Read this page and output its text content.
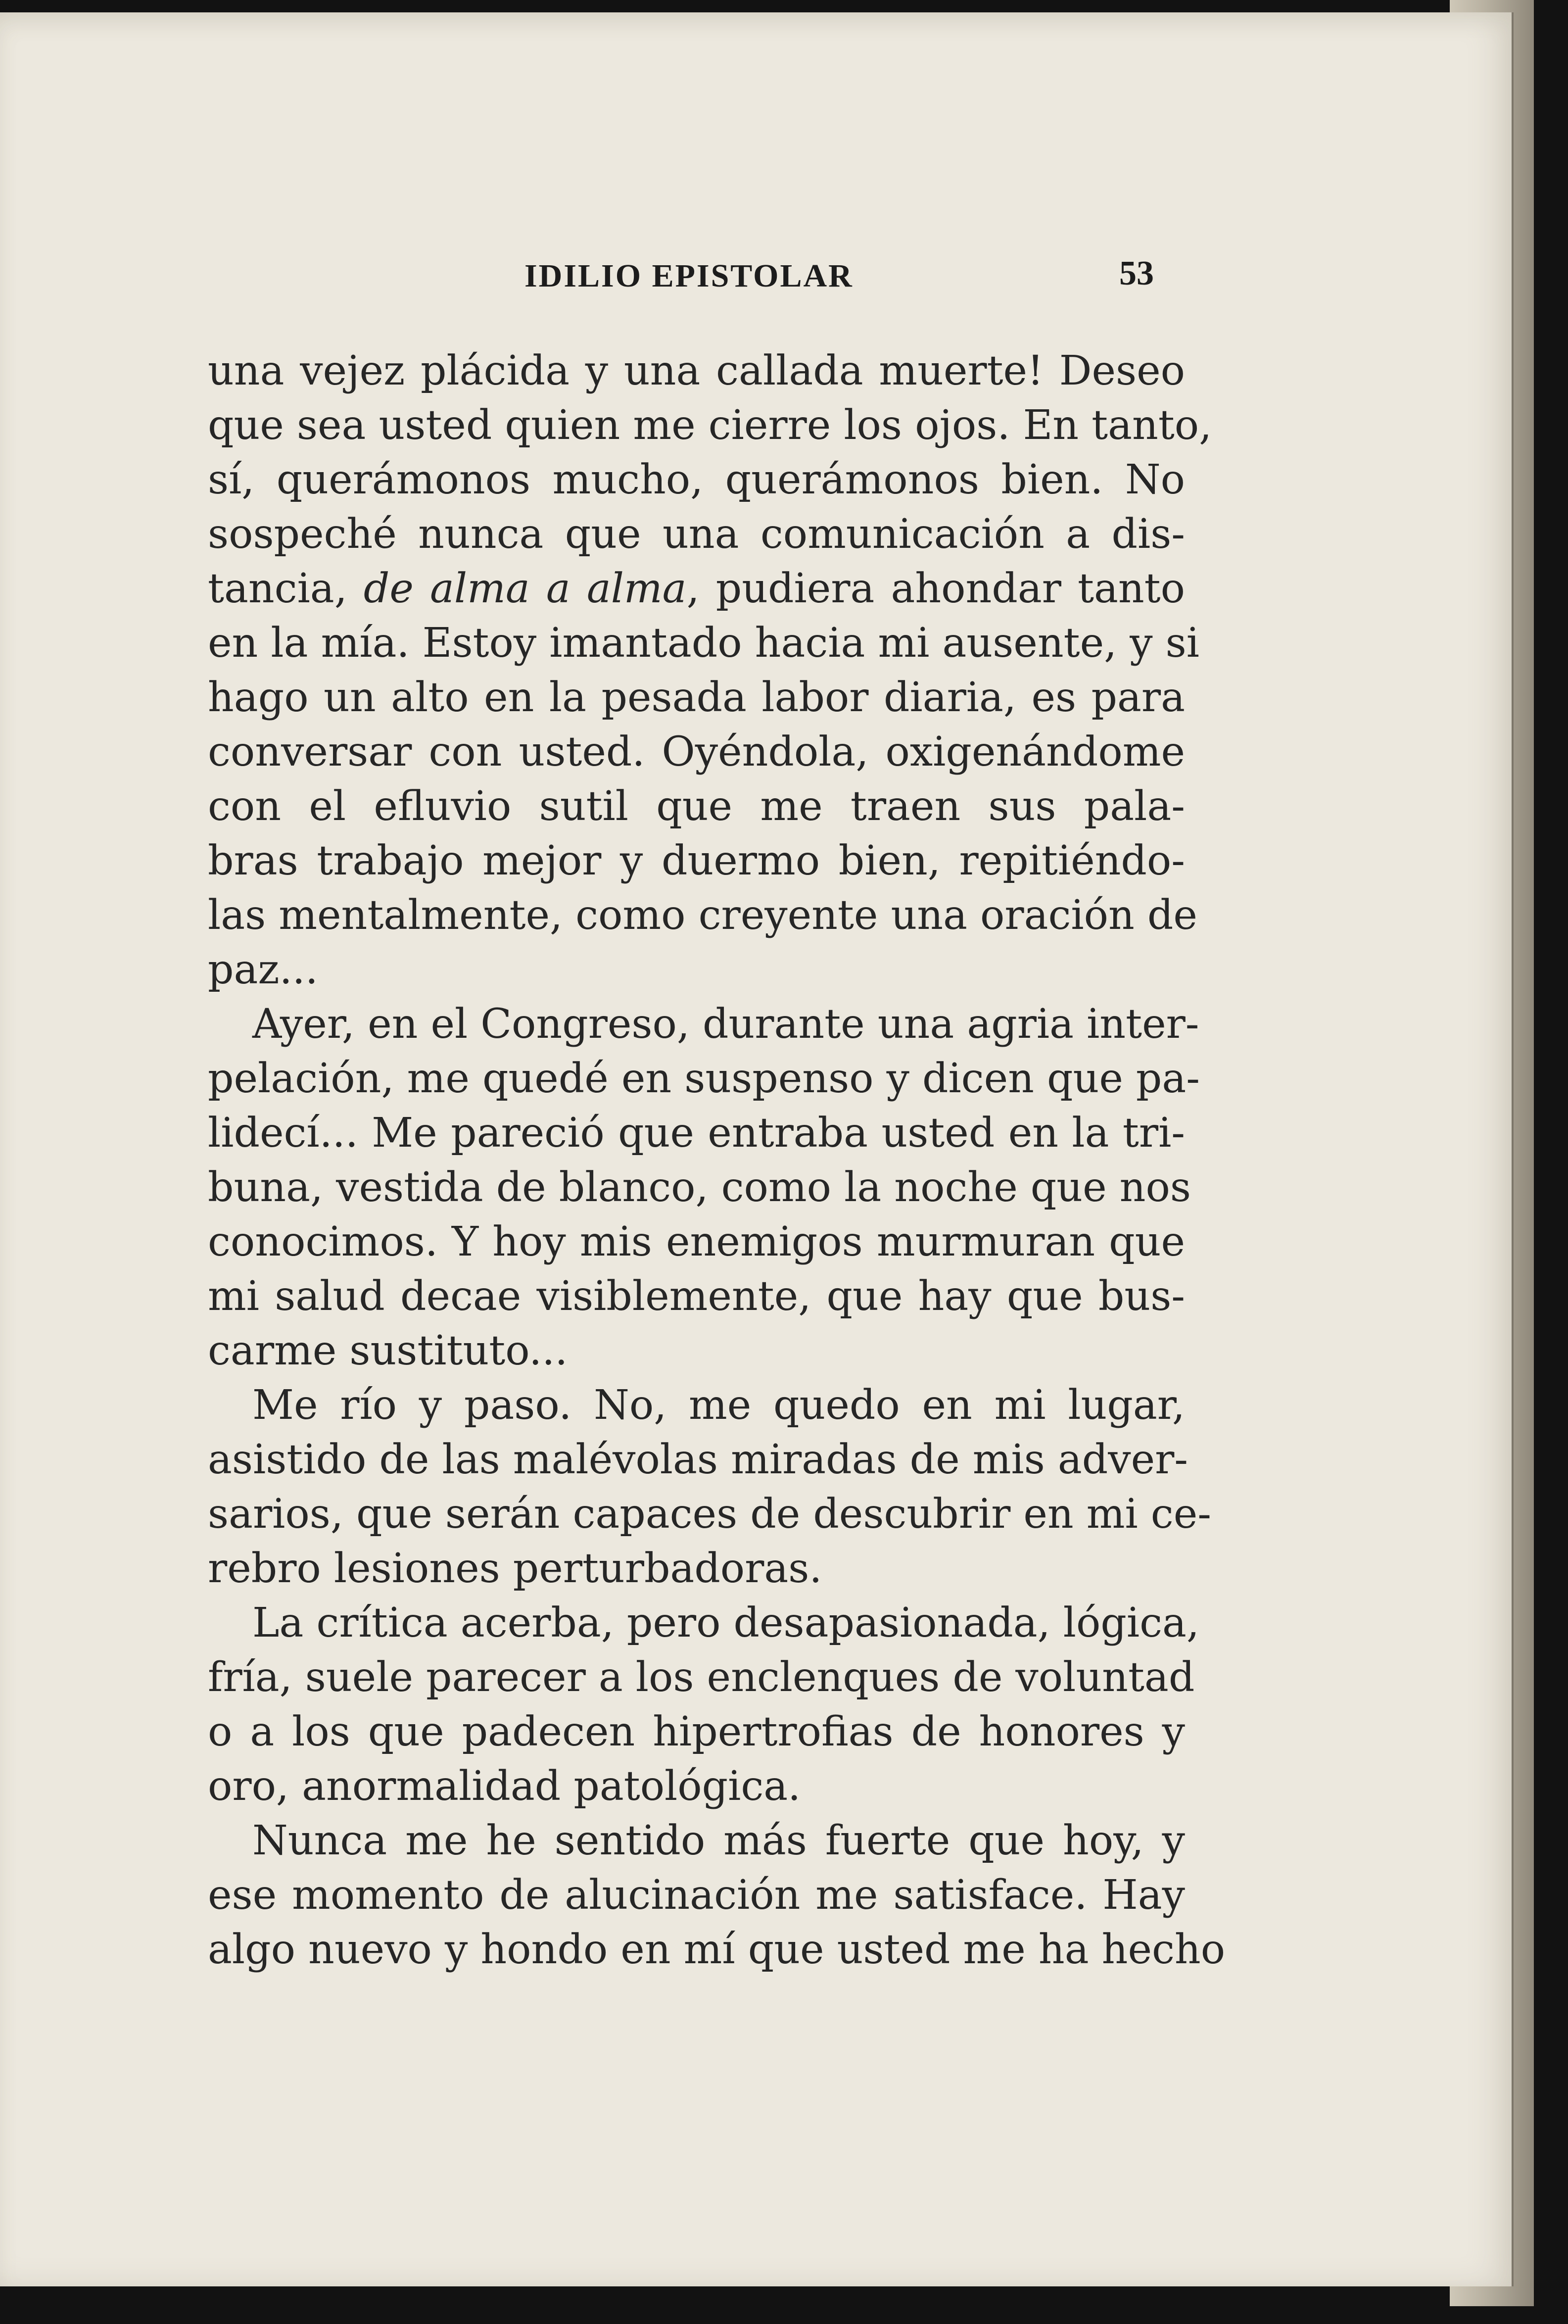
IDILIO EPISTOLAR	53
una vejez plácida y una callada muerte! Deseo
que sea usted quien me cierre los ojos. En tanto,
sí, querámonos mucho, querámonos bien. No
sospeché nunca que una comunicación a dis-
tancia, de alma a alma, pudiera ahondar tanto
en la mía. Estoy imantado hacia mi ausente, y si
hago un alto en la pesada labor diaria, es para
conversar con usted. Oyéndola, oxigenándome
con el efluvio sutil que me traen sus pala-
bras trabajo mejor y duermo bien, repitiéndo-
las mentalmente, como creyente una oración de
paz...
Ayer, en el Congreso, durante una agria inter-
pelación, me quedé en suspenso y dicen que pa-
lidecí... Me pareció que entraba usted en la tri-
buna, vestida de blanco, como la noche que nos
conocimos. Y hoy mis enemigos murmuran que
mi salud decae visiblemente, que hay que bus-
carme sustituto...
Me río y paso. No, me quedo en mi lugar,
asistido de las malévolas miradas de mis adver-
sarios, que serán capaces de descubrir en mi ce-
rebro lesiones perturbadoras.
La crítica acerba, pero desapasionada, lógica,
fría, suele parecer a los enclenques de voluntad
o a los que padecen hipertrofias de honores y
oro, anormalidad patológica.
Nunca me he sentido más fuerte que hoy, y
ese momento de alucinación me satisface. Hay
algo nuevo y hondo en mí que usted me ha hecho
